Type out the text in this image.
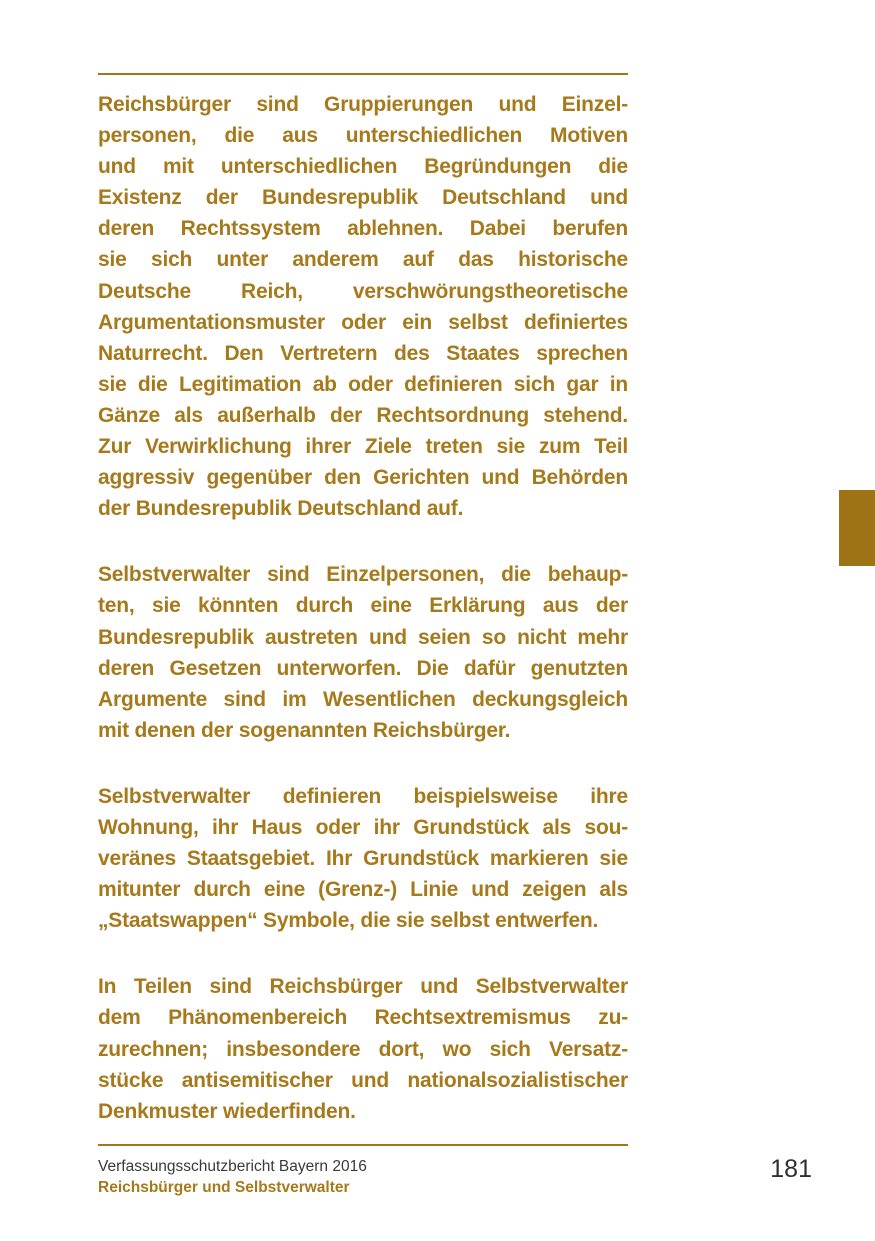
Reichsbürger sind Gruppierungen und Einzel-
personen, die aus unterschiedlichen Motiven
und mit unterschiedlichen Begründungen die
Existenz der Bundesrepublik Deutschland und
deren Rechtssystem ablehnen. Dabei berufen
sie sich unter anderem auf das historische
Deutsche Reich, verschwörungstheoretische
Argumentationsmuster oder ein selbst definiertes
Naturrecht. Den Vertretern des Staates sprechen
sie die Legitimation ab oder definieren sich gar in
Gänze als außerhalb der Rechtsordnung stehend.
Zur Verwirklichung ihrer Ziele treten sie zum Teil
aggressiv gegenüber den Gerichten und Behörden
der Bundesrepublik Deutschland auf.
Selbstverwalter sind Einzelpersonen, die behaup-
ten, sie könnten durch eine Erklärung aus der
Bundesrepublik austreten und seien so nicht mehr
deren Gesetzen unterworfen. Die dafür genutzten
Argumente sind im Wesentlichen deckungsgleich
mit denen der sogenannten Reichsbürger.
Selbstverwalter definieren beispielsweise ihre
Wohnung, ihr Haus oder ihr Grundstück als sou-
veränes Staatsgebiet. Ihr Grundstück markieren sie
mitunter durch eine (Grenz-) Linie und zeigen als
„Staatswappen“ Symbole, die sie selbst entwerfen.
In Teilen sind Reichsbürger und Selbstverwalter
dem Phänomenbereich Rechtsextremismus zu-
zurechnen; insbesondere dort, wo sich Versatz-
stücke antisemitischer und nationalsozialistischer
Denkmuster wiederfinden.
Verfassungsschutzbericht Bayern 2016
Reichsbürger und Selbstverwalter
181
